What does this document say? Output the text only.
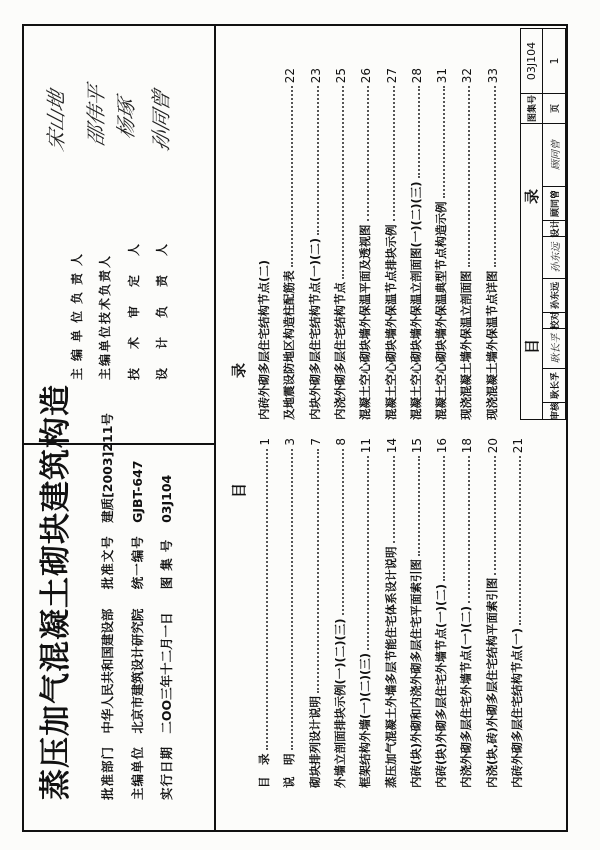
蒸压加气混凝土砌块建筑构造 批准部门 中华人民共和国建设部 批准文号 建质[2003]211号
主编单位 北京市建筑设计研究院 统一编号 GJBT-647
实行日期 二OO三年十二月一日 图集号 03J104
主编单位负责人 主编单位技术负责人 技术审定人 设计负责人
宋山地 邵伟平 杨琢 孙同曾
目
录
目　录
1
说　明
3
砌块排列设计说明
7
外墙立剖面排块示例(一)(二)(三)
8
框架结构外墙(一)(二)(三)
11
蒸压加气混凝土外墙多层节能住宅体系设计说明
14
内砖(块)外砌和内浇外砌多层住宅平面索引图
15
内砖(块)外砌多层住宅外墙节点(一)(二)
16
内浇外砌多层住宅外墙节点(一)(二)
18
内浇(块,砖)外砌多层住宅结构平面索引图
20
内砖外砌多层住宅结构节点(一)
21
内砖外砌多层住宅结构节点(二) 及地震设防地区构造柱配筋表
22
内块外砌多层住宅结构节点(一)(二)
23
内浇外砌多层住宅结构节点
25
混凝土空心砌块墙外保温平面及透视图
26
混凝土空心砌块墙外保温节点排块示例
27
混凝土空心砌块墙外保温立剖面图(一)(二)(三)
28
混凝土空心砌块墙外保温典型节点构造示例
31
现浇混凝土墙外保温立剖面图
32
现浇混凝土墙外保温节点详图
33
目　录
图集号
03J104
页
1
审核
耿长孚
耿长孚
校对
孙东远
孙东远
设计
顾同曾
顾同曾
